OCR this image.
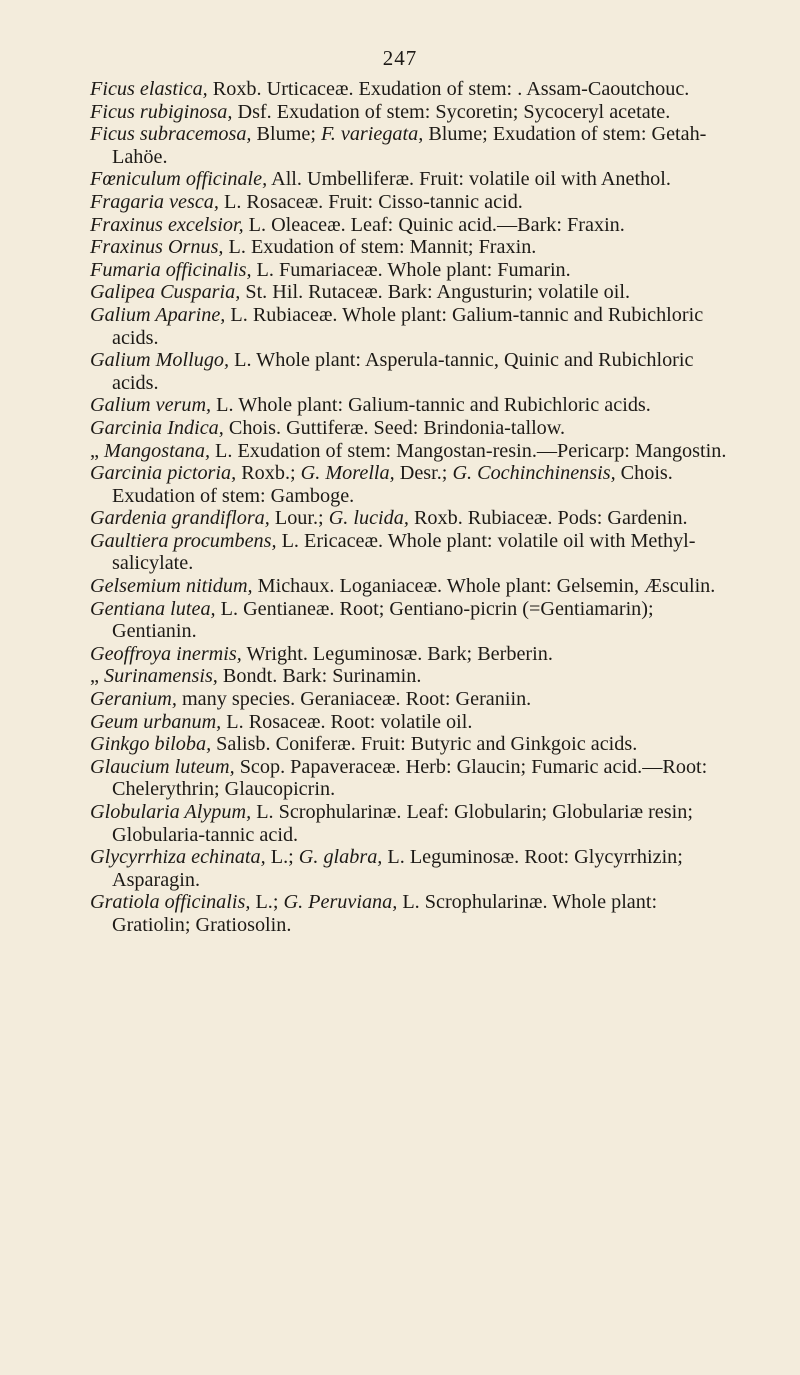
247

Ficus elastica, Roxb. Urticaceæ. Exudation of stem: . Assam-Caoutchouc.

Ficus rubiginosa, Dsf. Exudation of stem: Sycoretin; Sycoceryl acetate.

Ficus subracemosa, Blume; F. variegata, Blume; Exudation of stem: Getah-Lahöe.

Fœniculum officinale, All. Umbelliferæ. Fruit: volatile oil with Anethol.

Fragaria vesca, L. Rosaceæ. Fruit: Cisso-tannic acid.

Fraxinus excelsior, L. Oleaceæ. Leaf: Quinic acid.—Bark: Fraxin.

Fraxinus Ornus, L. Exudation of stem: Mannit; Fraxin.

Fumaria officinalis, L. Fumariaceæ. Whole plant: Fumarin.

Galipea Cusparia, St. Hil. Rutaceæ. Bark: Angusturin; volatile oil.

Galium Aparine, L. Rubiaceæ. Whole plant: Galium-tannic and Rubichloric acids.

Galium Mollugo, L. Whole plant: Asperula-tannic, Quinic and Rubichloric acids.

Galium verum, L. Whole plant: Galium-tannic and Rubichloric acids.

Garcinia Indica, Chois. Guttiferæ. Seed: Brindonia-tallow.

„ Mangostana, L. Exudation of stem: Mangostan-resin.—Pericarp: Mangostin.

Garcinia pictoria, Roxb.; G. Morella, Desr.; G. Cochinchinensis, Chois. Exudation of stem: Gamboge.

Gardenia grandiflora, Lour.; G. lucida, Roxb. Rubiaceæ. Pods: Gardenin.

Gaultiera procumbens, L. Ericaceæ. Whole plant: volatile oil with Methyl-salicylate.

Gelsemium nitidum, Michaux. Loganiaceæ. Whole plant: Gelsemin, Æsculin.

Gentiana lutea, L. Gentianeæ. Root; Gentiano-picrin (=Gentiamarin); Gentianin.

Geoffroya inermis, Wright. Leguminosæ. Bark; Berberin.

„ Surinamensis, Bondt. Bark: Surinamin.

Geranium, many species. Geraniaceæ. Root: Geraniin.

Geum urbanum, L. Rosaceæ. Root: volatile oil.

Ginkgo biloba, Salisb. Coniferæ. Fruit: Butyric and Ginkgoic acids.

Glaucium luteum, Scop. Papaveraceæ. Herb: Glaucin; Fumaric acid.—Root: Chelerythrin; Glaucopicrin.

Globularia Alypum, L. Scrophularinæ. Leaf: Globularin; Globulariæ resin; Globularia-tannic acid.

Glycyrrhiza echinata, L.; G. glabra, L. Leguminosæ. Root: Glycyrrhizin; Asparagin.

Gratiola officinalis, L.; G. Peruviana, L. Scrophularinæ. Whole plant: Gratiolin; Gratiosolin.
